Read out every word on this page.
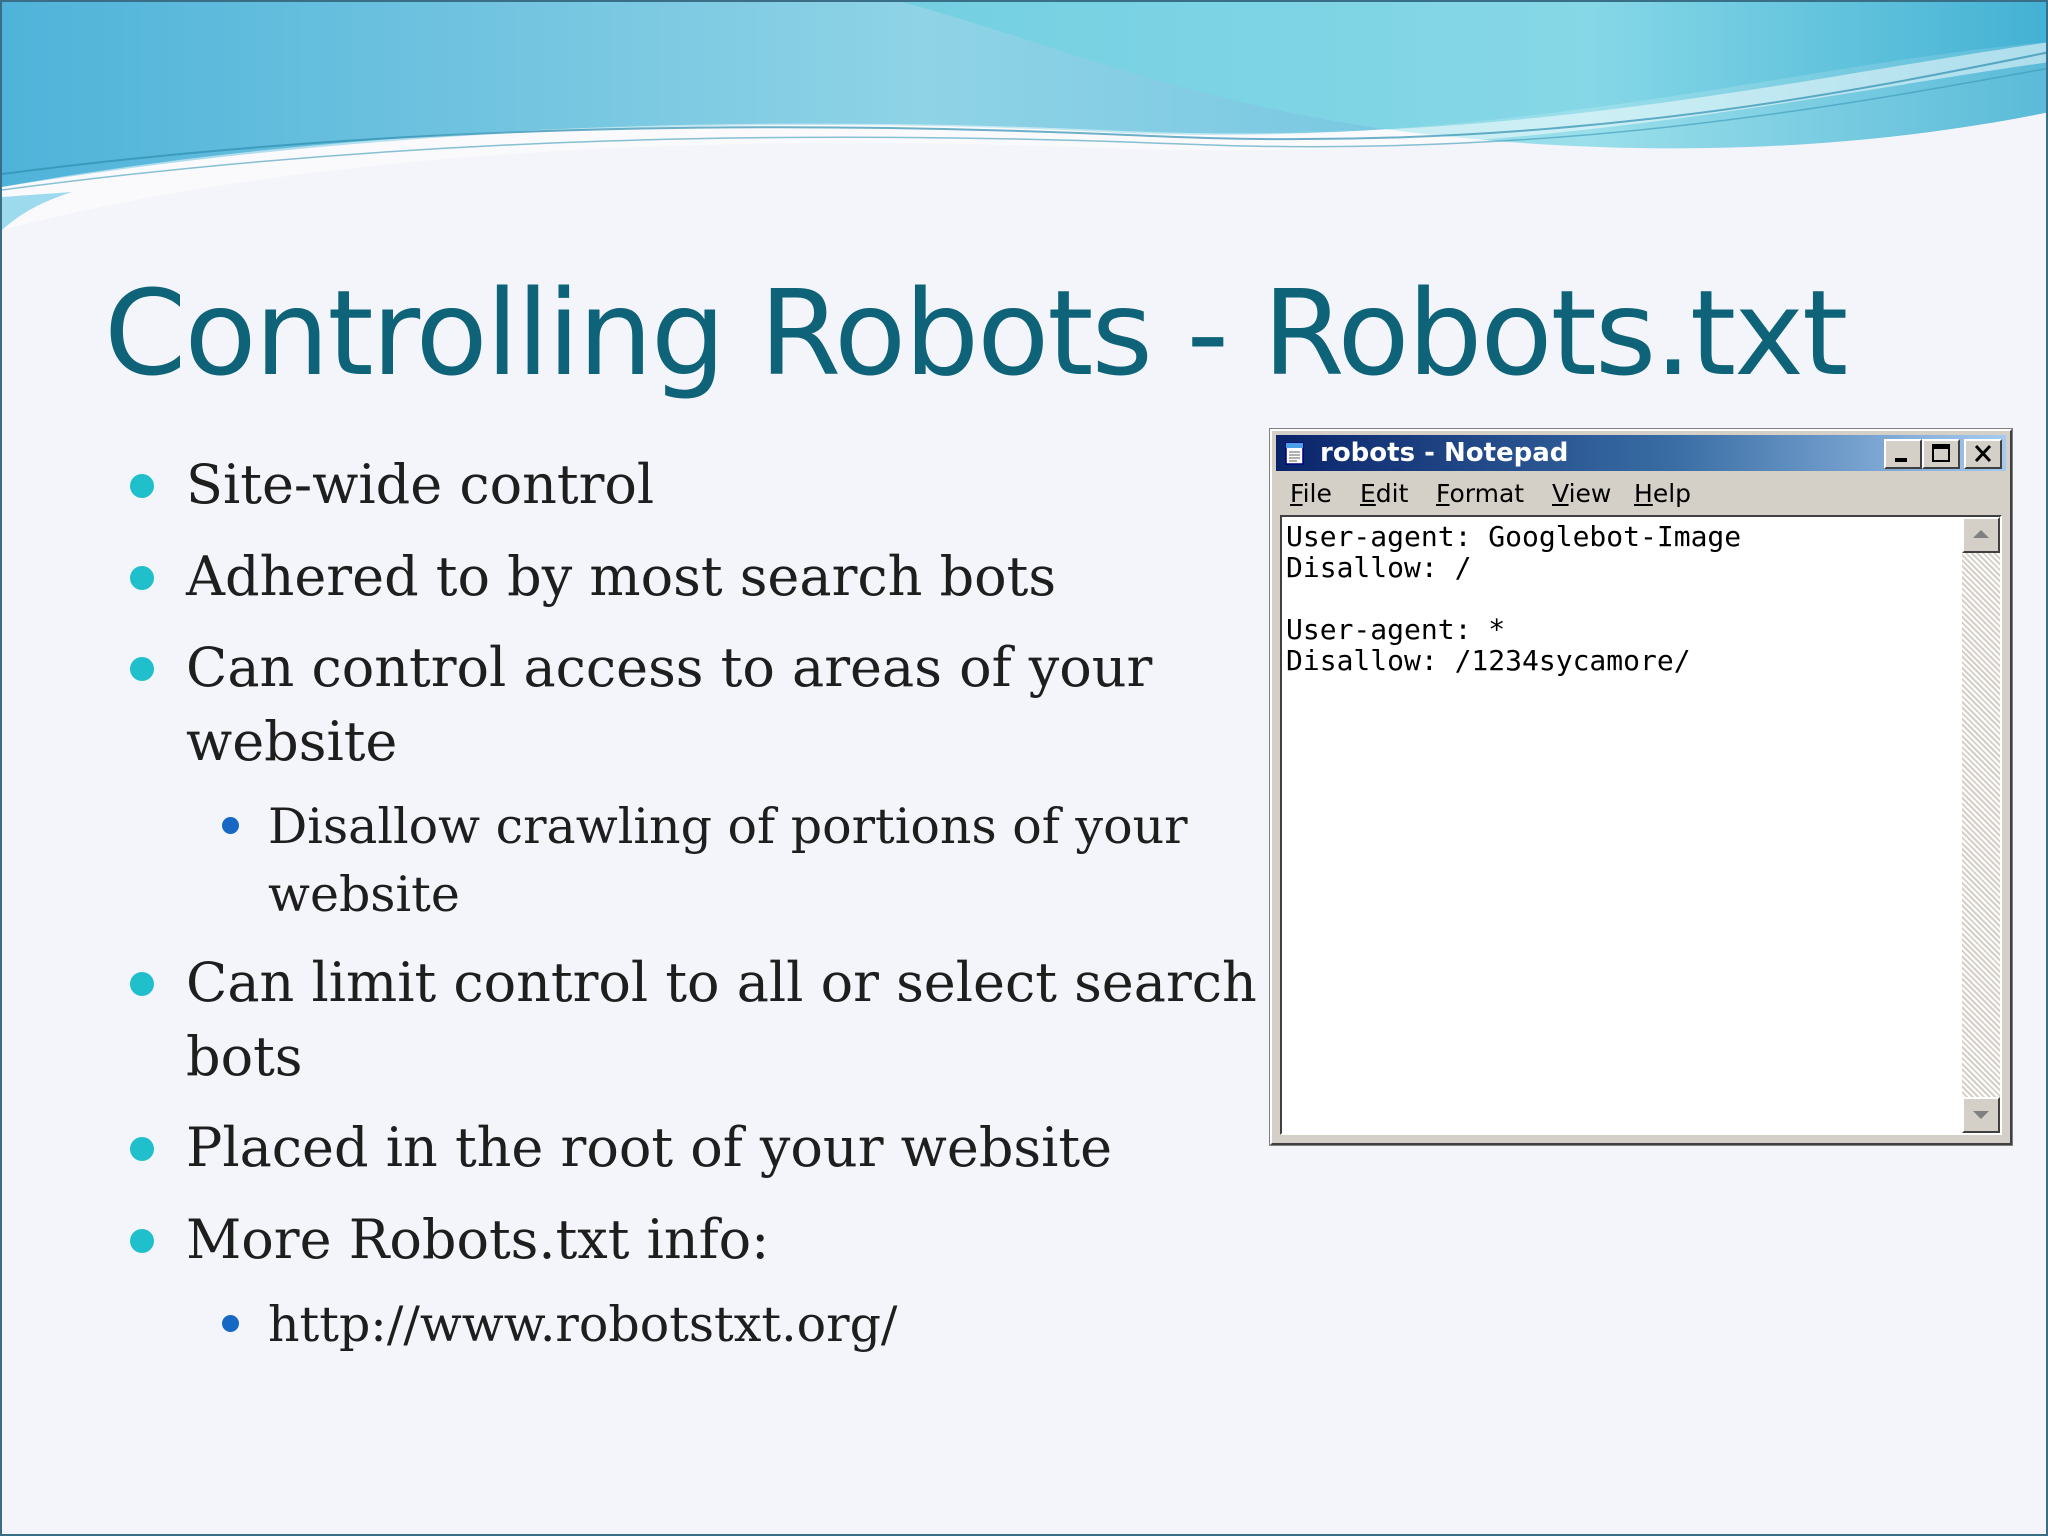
Controlling Robots - Robots.txt
Site-wide control
Adhered to by most search bots
Can control access to areas of your
website
Disallow crawling of portions of your
website
Can limit control to all or select search
bots
Placed in the root of your website
More Robots.txt info:
http://www.robotstxt.org/
robots - Notepad
File Edit Format View Help
User-agent: Googlebot-Image
Disallow: /

User-agent: *
Disallow: /1234sycamore/
